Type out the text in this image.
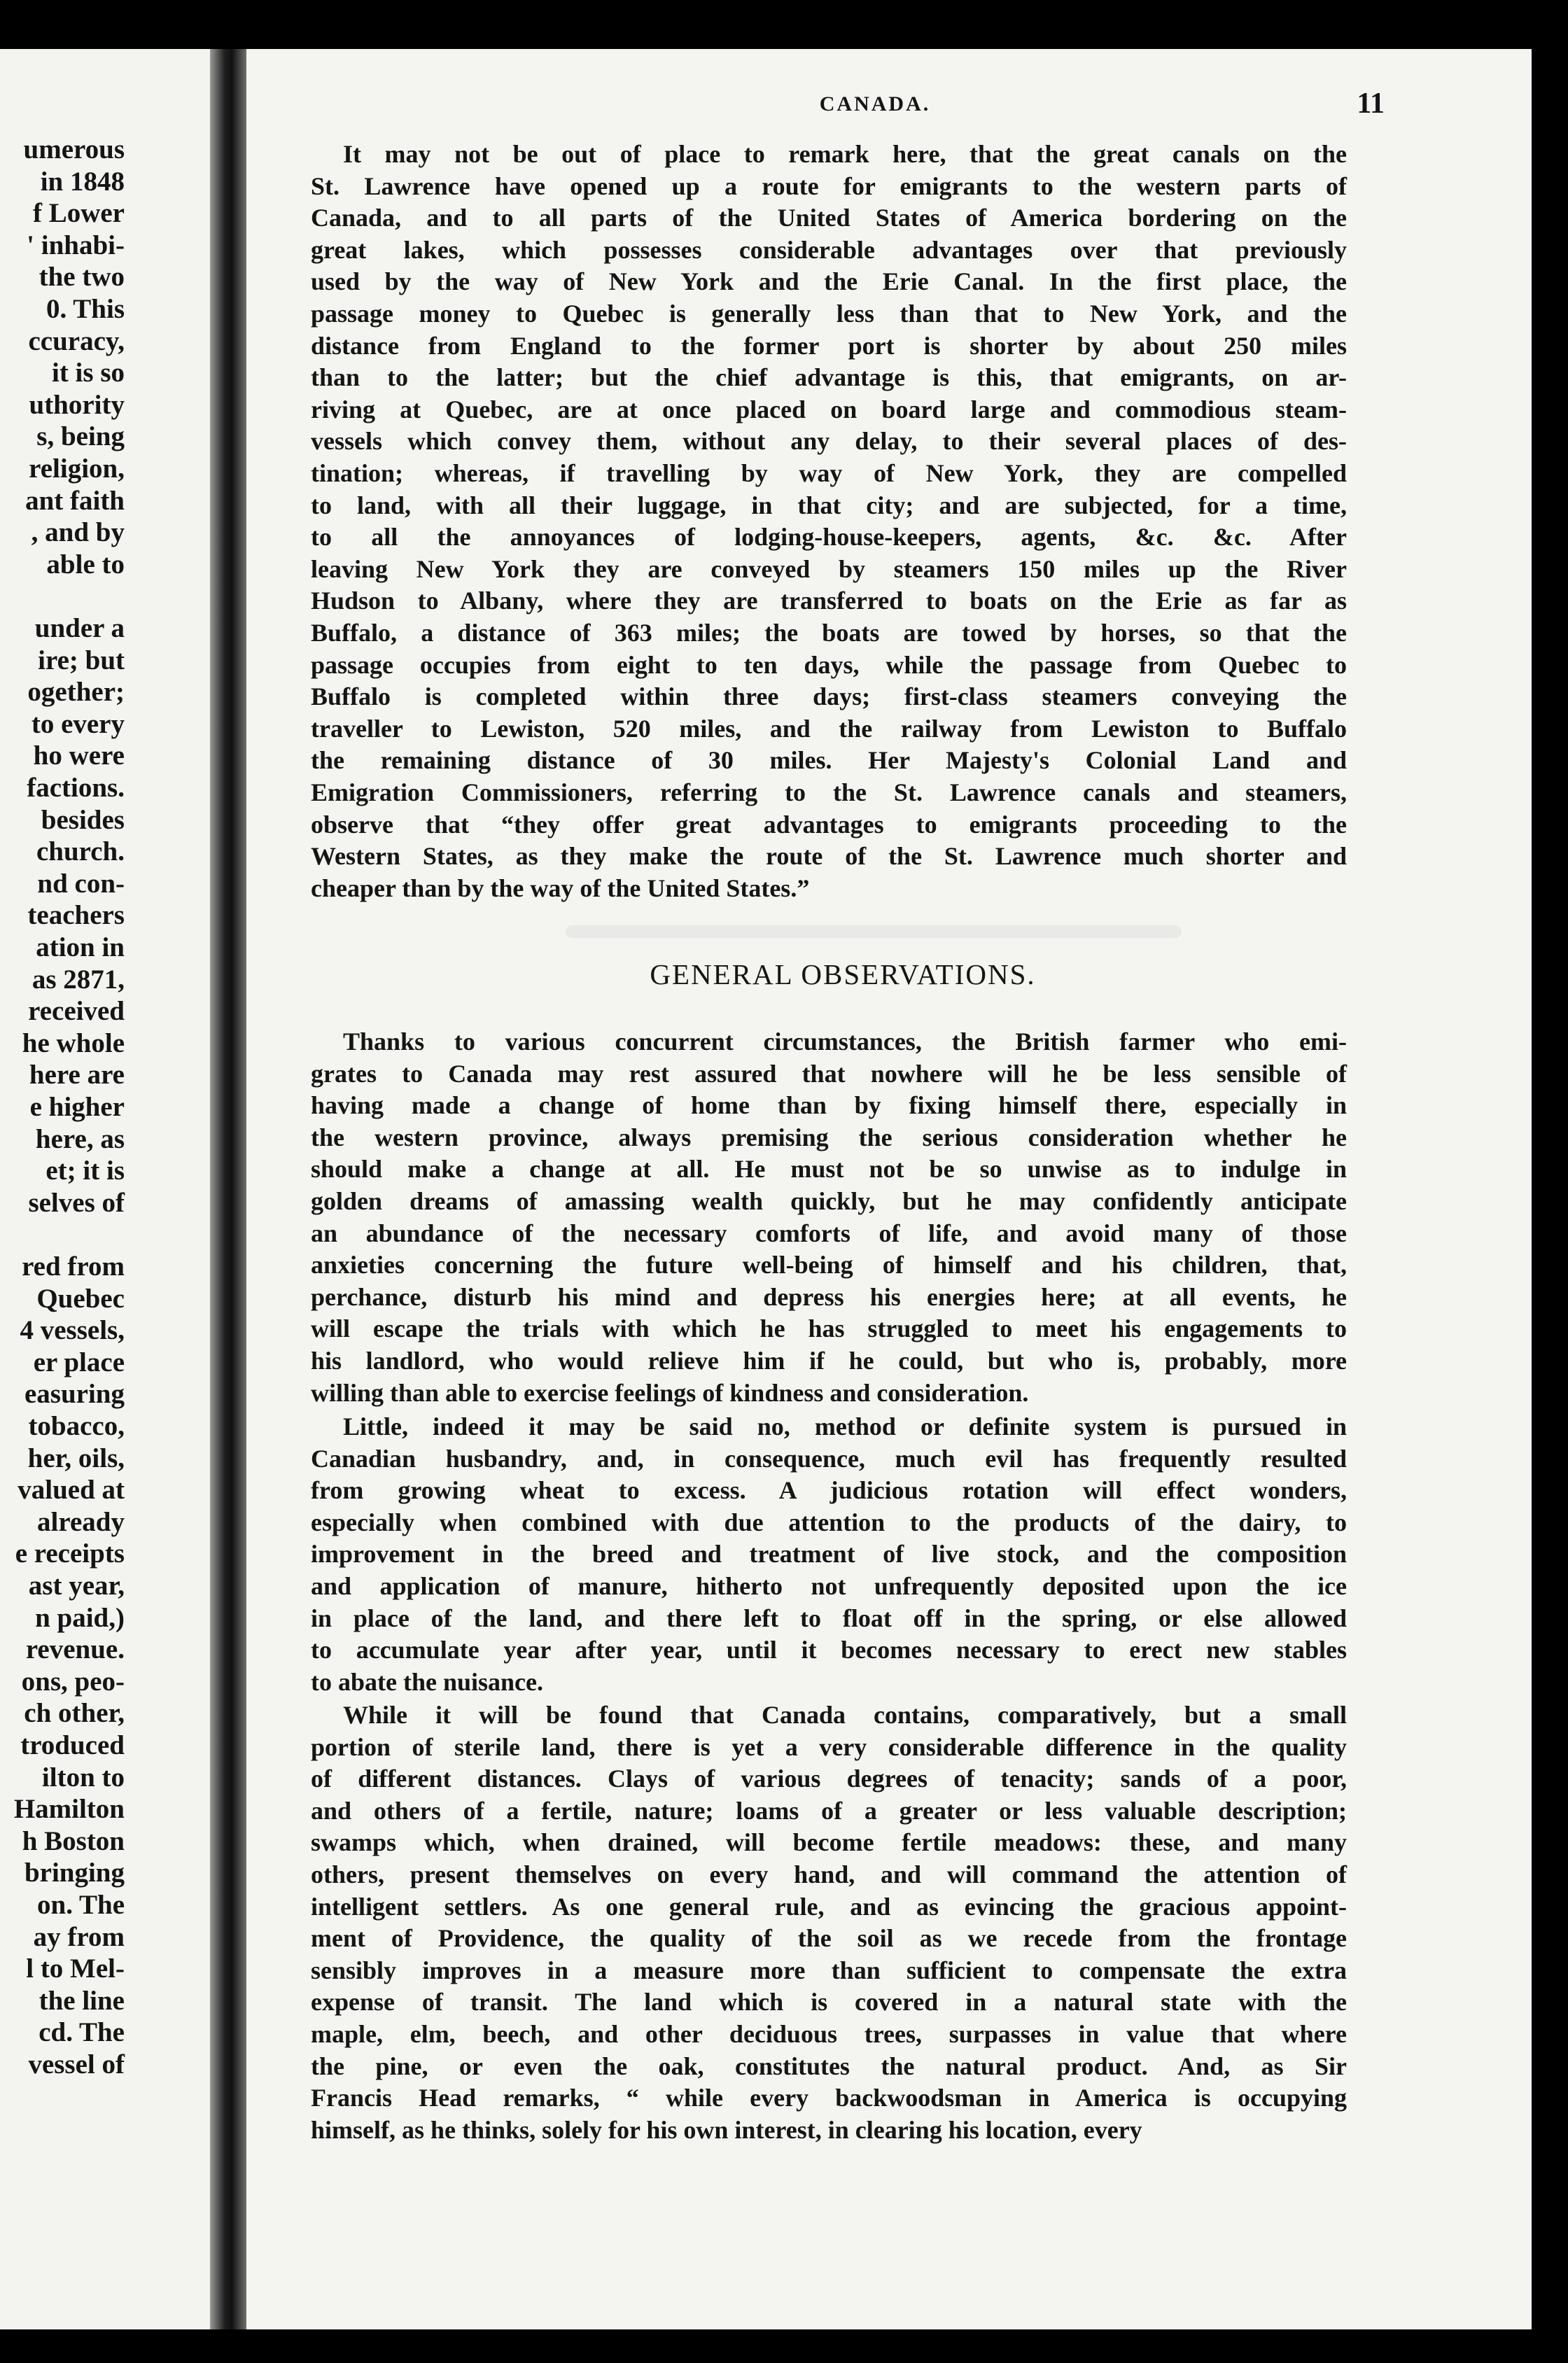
umerous
in 1848
f Lower
' inhabi-
the two
0. This
ccuracy,
it is so
uthority
s, being
religion,
ant faith
, and by
able to
under a
ire; but
ogether;
to every
ho were
factions.
besides
church.
nd con-
teachers
ation in
as 2871,
received
he whole
here are
e higher
here, as
et; it is
selves of
red from
Quebec
4 vessels,
er place
easuring
tobacco,
her, oils,
valued at
already
e receipts
ast year,
n paid,)
revenue.
ons, peo-
ch other,
troduced
ilton to
Hamilton
h Boston
bringing
on. The
ay from
l to Mel-
the line
cd. The
vessel of
CANADA.	11
GENERAL OBSERVATIONS.
It may not be out of place to remark here, that the great canals on the
St. Lawrence have opened up a route for emigrants to the western parts of
Canada, and to all parts of the United States of America bordering on the
great lakes, which possesses considerable advantages over that previously
used by the way of New York and the Erie Canal. In the first place, the
passage money to Quebec is generally less than that to New York, and the
distance from England to the former port is shorter by about 250 miles
than to the latter; but the chief advantage is this, that emigrants, on ar-
riving at Quebec, are at once placed on board large and commodious steam-
vessels which convey them, without any delay, to their several places of des-
tination; whereas, if travelling by way of New York, they are compelled
to land, with all their luggage, in that city; and are subjected, for a time,
to all the annoyances of lodging-house-keepers, agents, &c. &c. After
leaving New York they are conveyed by steamers 150 miles up the River
Hudson to Albany, where they are transferred to boats on the Erie as far as
Buffalo, a distance of 363 miles; the boats are towed by horses, so that the
passage occupies from eight to ten days, while the passage from Quebec to
Buffalo is completed within three days; first-class steamers conveying the
traveller to Lewiston, 520 miles, and the railway from Lewiston to Buffalo
the remaining distance of 30 miles. Her Majesty's Colonial Land and
Emigration Commissioners, referring to the St. Lawrence canals and steamers,
observe that “they offer great advantages to emigrants proceeding to the
Western States, as they make the route of the St. Lawrence much shorter and
cheaper than by the way of the United States.”
Thanks to various concurrent circumstances, the British farmer who emi-
grates to Canada may rest assured that nowhere will he be less sensible of
having made a change of home than by fixing himself there, especially in
the western province, always premising the serious consideration whether he
should make a change at all. He must not be so unwise as to indulge in
golden dreams of amassing wealth quickly, but he may confidently anticipate
an abundance of the necessary comforts of life, and avoid many of those
anxieties concerning the future well-being of himself and his children, that,
perchance, disturb his mind and depress his energies here; at all events, he
will escape the trials with which he has struggled to meet his engagements to
his landlord, who would relieve him if he could, but who is, probably, more
willing than able to exercise feelings of kindness and consideration.
Little, indeed it may be said no, method or definite system is pursued in
Canadian husbandry, and, in consequence, much evil has frequently resulted
from growing wheat to excess. A judicious rotation will effect wonders,
especially when combined with due attention to the products of the dairy, to
improvement in the breed and treatment of live stock, and the composition
and application of manure, hitherto not unfrequently deposited upon the ice
in place of the land, and there left to float off in the spring, or else allowed
to accumulate year after year, until it becomes necessary to erect new stables
to abate the nuisance.
While it will be found that Canada contains, comparatively, but a small
portion of sterile land, there is yet a very considerable difference in the quality
of different distances. Clays of various degrees of tenacity; sands of a poor,
and others of a fertile, nature; loams of a greater or less valuable description;
swamps which, when drained, will become fertile meadows: these, and many
others, present themselves on every hand, and will command the attention of
intelligent settlers. As one general rule, and as evincing the gracious appoint-
ment of Providence, the quality of the soil as we recede from the frontage
sensibly improves in a measure more than sufficient to compensate the extra
expense of transit. The land which is covered in a natural state with the
maple, elm, beech, and other deciduous trees, surpasses in value that where
the pine, or even the oak, constitutes the natural product. And, as Sir
Francis Head remarks, “ while every backwoodsman in America is occupying
himself, as he thinks, solely for his own interest, in clearing his location, every
